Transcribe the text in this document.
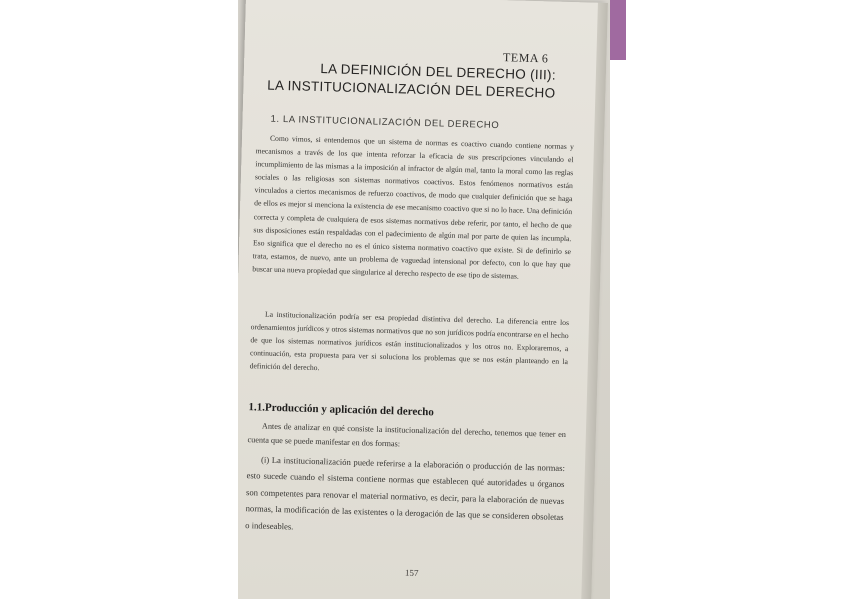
TEMA 6
LA DEFINICIÓN DEL DERECHO (III):
LA INSTITUCIONALIZACIÓN DEL DERECHO
1. LA INSTITUCIONALIZACIÓN DEL DERECHO

Como vimos, si entendemos que un sistema de normas es coactivo cuando contiene normas y mecanismos a través de los que intenta reforzar la eficacia de sus prescripciones vinculando el incumplimiento de las mismas a la imposición al infractor de algún mal, tanto la moral como las reglas sociales o las religiosas son sistemas normativos coactivos. Estos fenómenos normativos están vinculados a ciertos mecanismos de refuerzo coactivos, de modo que cualquier definición que se haga de ellos es mejor si menciona la existencia de ese mecanismo coactivo que si no lo hace. Una definición correcta y completa de cualquiera de esos sistemas normativos debe referir, por tanto, el hecho de que sus disposiciones están respaldadas con el padecimiento de algún mal por parte de quien las incumpla. Eso significa que el derecho no es el único sistema normativo coactivo que existe. Si de definirlo se trata, estamos, de nuevo, ante un problema de vaguedad intensional por defecto, con lo que hay que buscar una nueva propiedad que singularice al derecho respecto de ese tipo de sistemas.

La institucionalización podría ser esa propiedad distintiva del derecho. La diferencia entre los ordenamientos jurídicos y otros sistemas normativos que no son jurídicos podría encontrarse en el hecho de que los sistemas normativos jurídicos están institucionalizados y los otros no. Exploraremos, a continuación, esta propuesta para ver si soluciona los problemas que se nos están planteando en la definición del derecho.

1.1.Producción y aplicación del derecho

Antes de analizar en qué consiste la institucionalización del derecho, tenemos que tener en cuenta que se puede manifestar en dos formas:

(i) La institucionalización puede referirse a la elaboración o producción de las normas: esto sucede cuando el sistema contiene normas que establecen qué autoridades u órganos son competentes para renovar el material normativo, es decir, para la elaboración de nuevas normas, la modificación de las existentes o la derogación de las que se consideren obsoletas o indeseables.

157
